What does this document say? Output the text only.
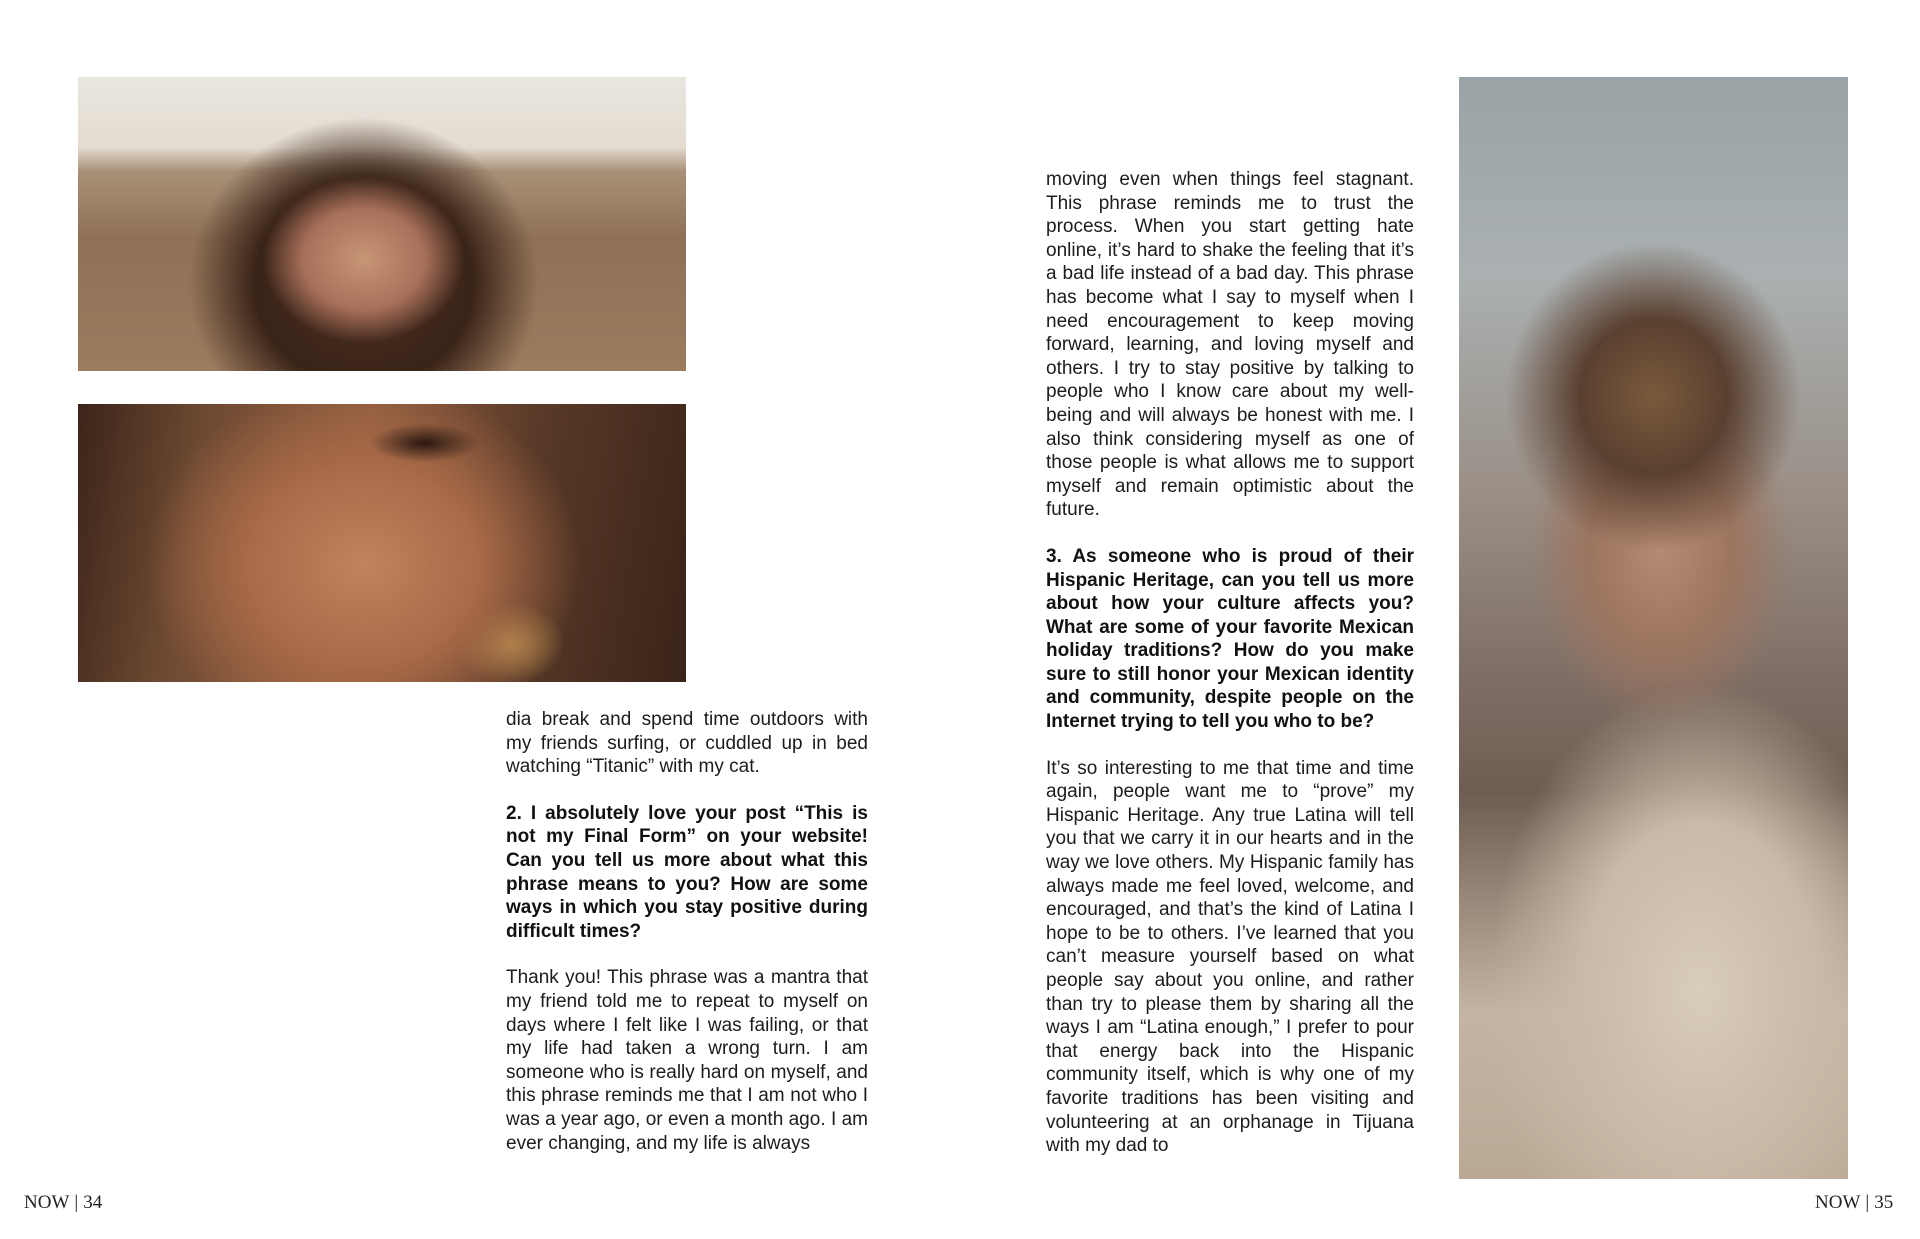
dia break and spend time outdoors with my friends surfing, or cuddled up in bed watching “Titanic” with my cat.

2. I absolutely love your post “This is not my Final Form” on your website! Can you tell us more about what this phrase means to you? How are some ways in which you stay positive during difficult times?

Thank you! This phrase was a mantra that my friend told me to repeat to myself on days where I felt like I was failing, or that my life had taken a wrong turn. I am someone who is really hard on myself, and this phrase reminds me that I am not who I was a year ago, or even a month ago. I am ever changing, and my life is always

moving even when things feel stagnant. This phrase reminds me to trust the process. When you start getting hate online, it’s hard to shake the feeling that it’s a bad life instead of a bad day. This phrase has become what I say to myself when I need encouragement to keep moving forward, learning, and loving myself and others. I try to stay positive by talking to people who I know care about my well-being and will always be honest with me. I also think considering myself as one of those people is what allows me to support myself and remain optimistic about the future.

3. As someone who is proud of their Hispanic Heritage, can you tell us more about how your culture affects you? What are some of your favorite Mexican holiday traditions? How do you make sure to still honor your Mexican identity and community, despite people on the Internet trying to tell you who to be?

It’s so interesting to me that time and time again, people want me to “prove” my Hispanic Heritage. Any true Latina will tell you that we carry it in our hearts and in the way we love others. My Hispanic family has always made me feel loved, welcome, and encouraged, and that’s the kind of Latina I hope to be to others. I’ve learned that you can’t measure yourself based on what people say about you online, and rather than try to please them by sharing all the ways I am “Latina enough,” I prefer to pour that energy back into the Hispanic community itself, which is why one of my favorite traditions has been visiting and volunteering at an orphanage in Tijuana with my dad to

NOW | 34	NOW | 35
